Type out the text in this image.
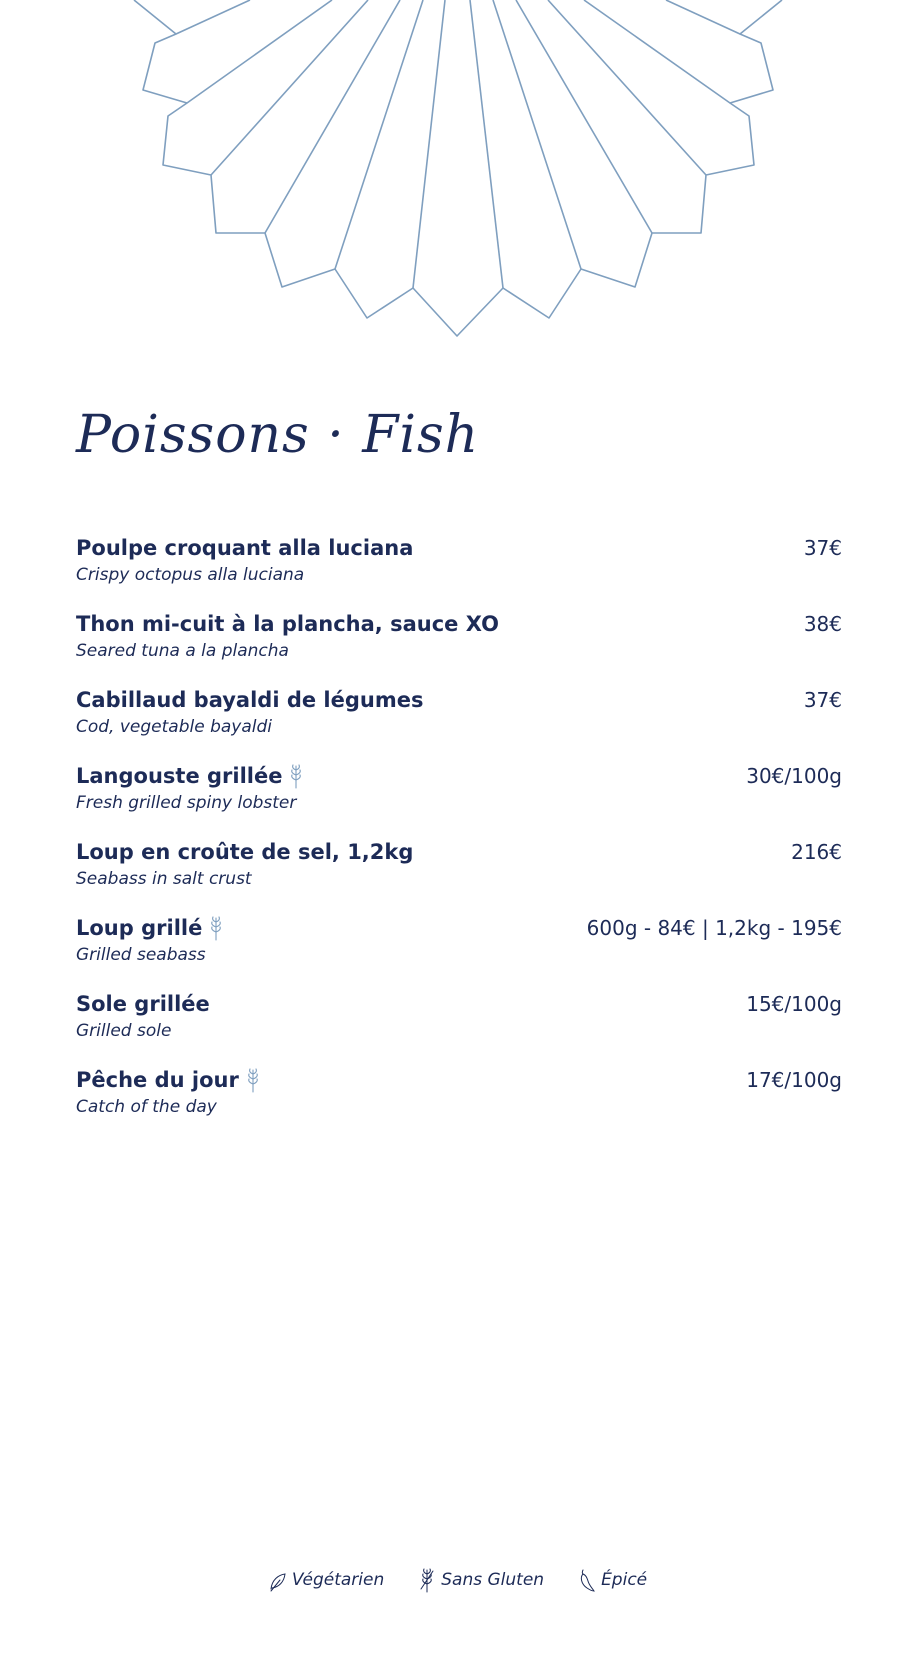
Poissons · Fish
Poulpe croquant alla luciana	37€
Crispy octopus alla luciana
Thon mi-cuit à la plancha, sauce XO	38€
Seared tuna a la plancha
Cabillaud bayaldi de légumes	37€
Cod, vegetable bayaldi
Langouste grillée	30€/100g
Fresh grilled spiny lobster
Loup en croûte de sel, 1,2kg	216€
Seabass in salt crust
Loup grillé	600g - 84€ | 1,2kg - 195€
Grilled seabass
Sole grillée	15€/100g
Grilled sole
Pêche du jour	17€/100g
Catch of the day
Végétarien	Sans Gluten	Épicé
